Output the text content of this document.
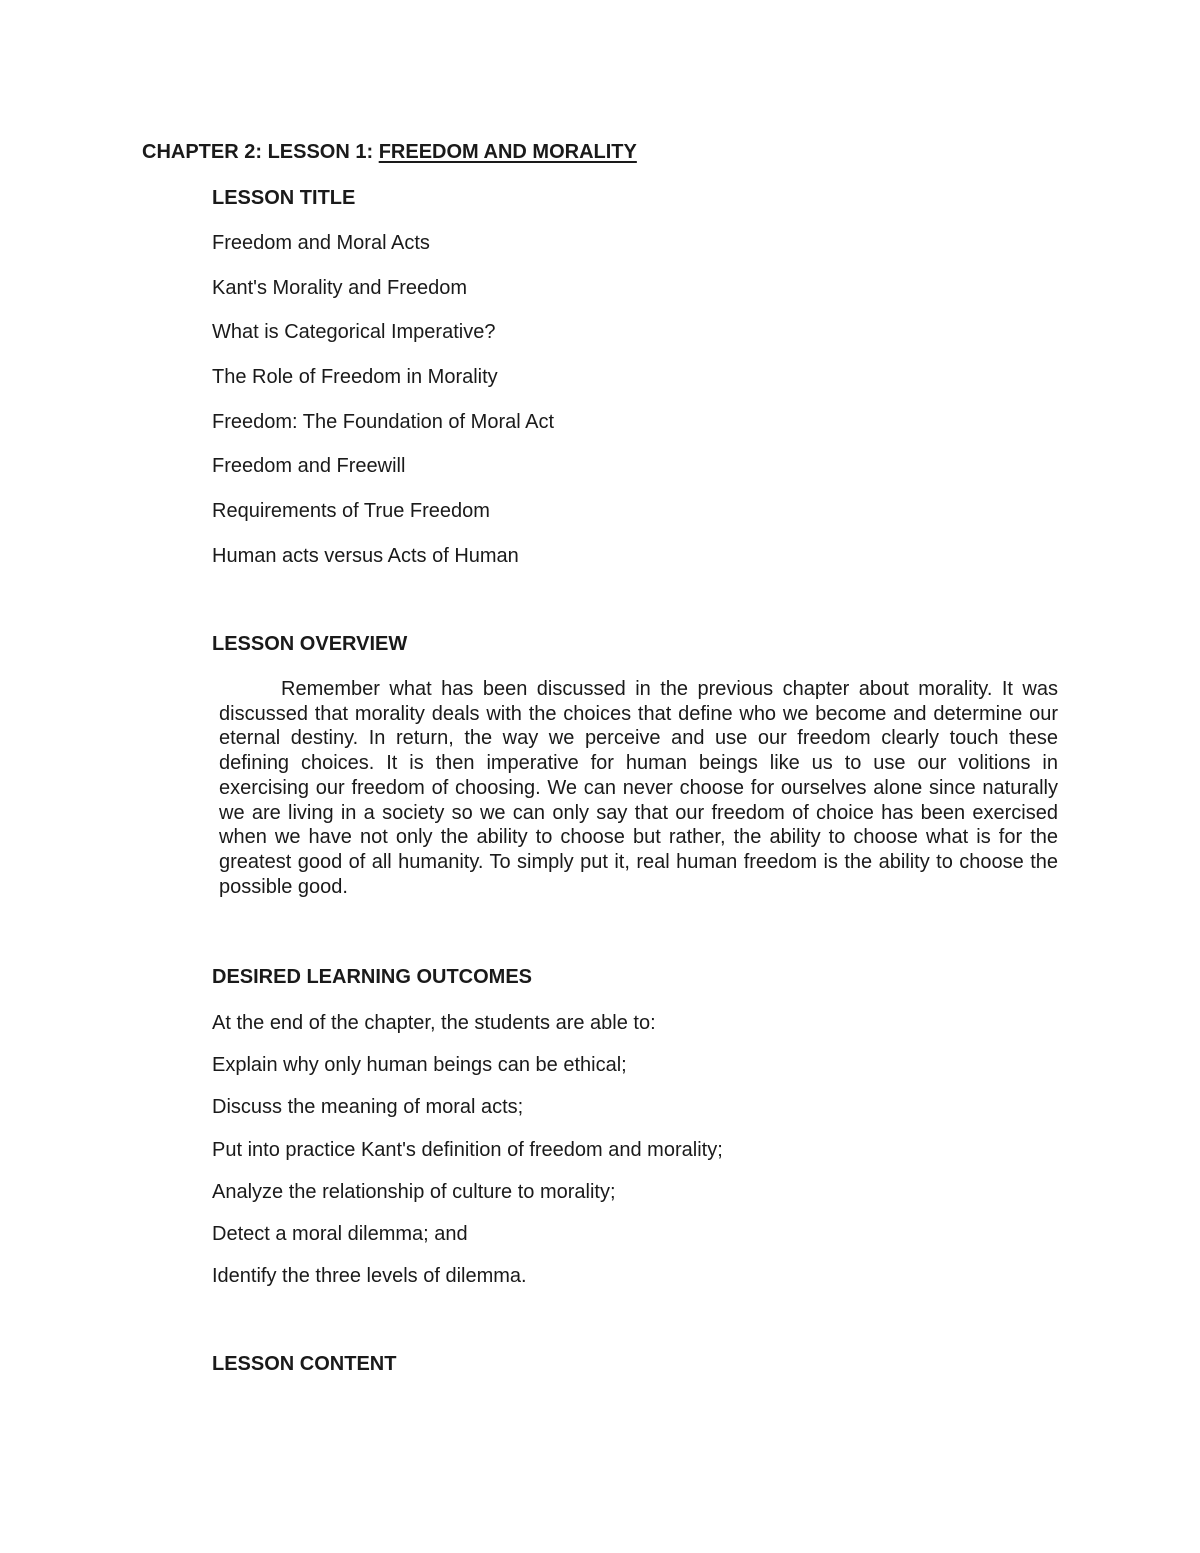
CHAPTER 2: LESSON 1: FREEDOM AND MORALITY
LESSON TITLE
Freedom and Moral Acts
Kant's Morality and Freedom
What is Categorical Imperative?
The Role of Freedom in Morality
Freedom: The Foundation of Moral Act
Freedom and Freewill
Requirements of True Freedom
Human acts versus Acts of Human
LESSON OVERVIEW

Remember what has been discussed in the previous chapter about morality. It was discussed that morality deals with the choices that define who we become and determine our eternal destiny. In return, the way we perceive and use our freedom clearly touch these defining choices. It is then imperative for human beings like us to use our volitions in exercising our freedom of choosing. We can never choose for ourselves alone since naturally we are living in a society so we can only say that our freedom of choice has been exercised when we have not only the ability to choose but rather, the ability to choose what is for the greatest good of all humanity. To simply put it, real human freedom is the ability to choose the possible good.

DESIRED LEARNING OUTCOMES
At the end of the chapter, the students are able to:
Explain why only human beings can be ethical;
Discuss the meaning of moral acts;
Put into practice Kant's definition of freedom and morality;
Analyze the relationship of culture to morality;
Detect a moral dilemma; and
Identify the three levels of dilemma.
LESSON CONTENT
